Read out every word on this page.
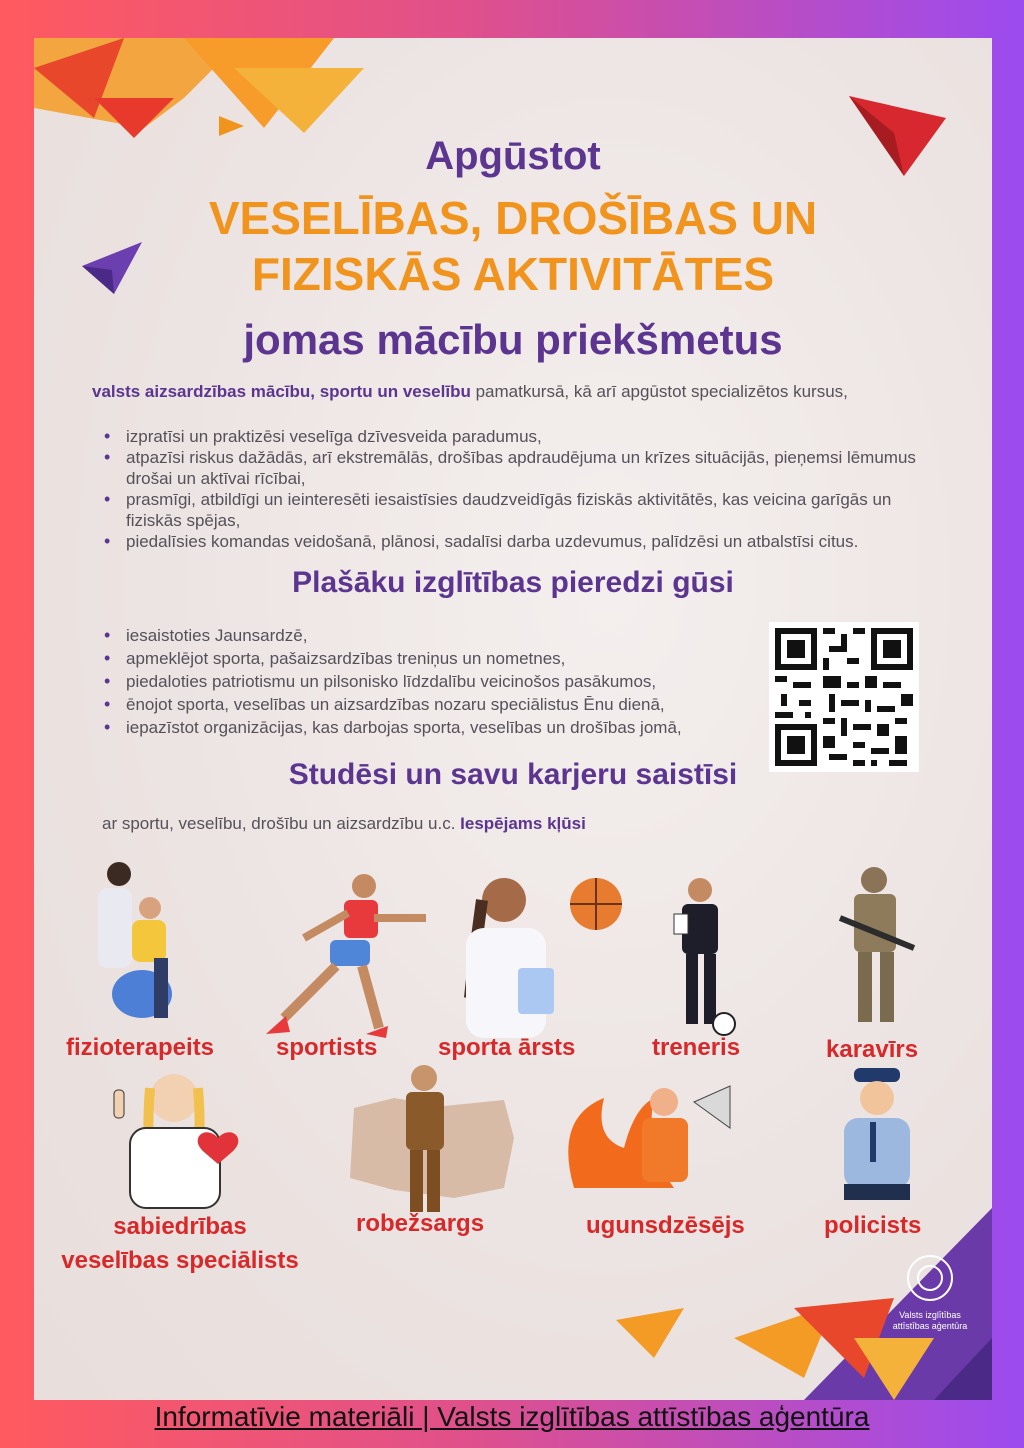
Apgūstot
VESELĪBAS, DROŠĪBAS UN
FIZISKĀS AKTIVITĀTES
jomas mācību priekšmetus
valsts aizsardzības mācību, sportu un veselību pamatkursā, kā arī apgūstot specializētos kursus,
• izpratīsi un praktizēsi veselīga dzīvesveida paradumus,
• atpazīsi riskus dažādās, arī ekstremālās, drošības apdraudējuma un krīzes situācijās, pieņemsi lēmumus drošai un aktīvai rīcībai,
• prasmīgi, atbildīgi un ieinteresēti iesaistīsies daudzveidīgās fiziskās aktivitātēs, kas veicina garīgās un fiziskās spējas,
• piedalīsies komandas veidošanā, plānosi, sadalīsi darba uzdevumus, palīdzēsi un atbalstīsi citus.
Plašāku izglītības pieredzi gūsi
• iesaistoties Jaunsardzē,
• apmeklējot sporta, pašaizsardzības treniņus un nometnes,
• piedaloties patriotismu un pilsonisko līdzdalību veicinošos pasākumos,
• ēnojot sporta, veselības un aizsardzības nozaru speciālistus Ēnu dienā,
• iepazīstot organizācijas, kas darbojas sporta, veselības un drošības jomā,
Studēsi un savu karjeru saistīsi
ar sportu, veselību, drošību un aizsardzību u.c. Iespējams kļūsi
fizioterapeits	sportists	sporta ārsts	treneris	karavīrs
sabiedrības
veselības speciālists
robežsargs	ugunsdzēsējs	policists
Valsts izglītības
attīstības aģentūra
Informatīvie materiāli | Valsts izglītības attīstības aģentūra
